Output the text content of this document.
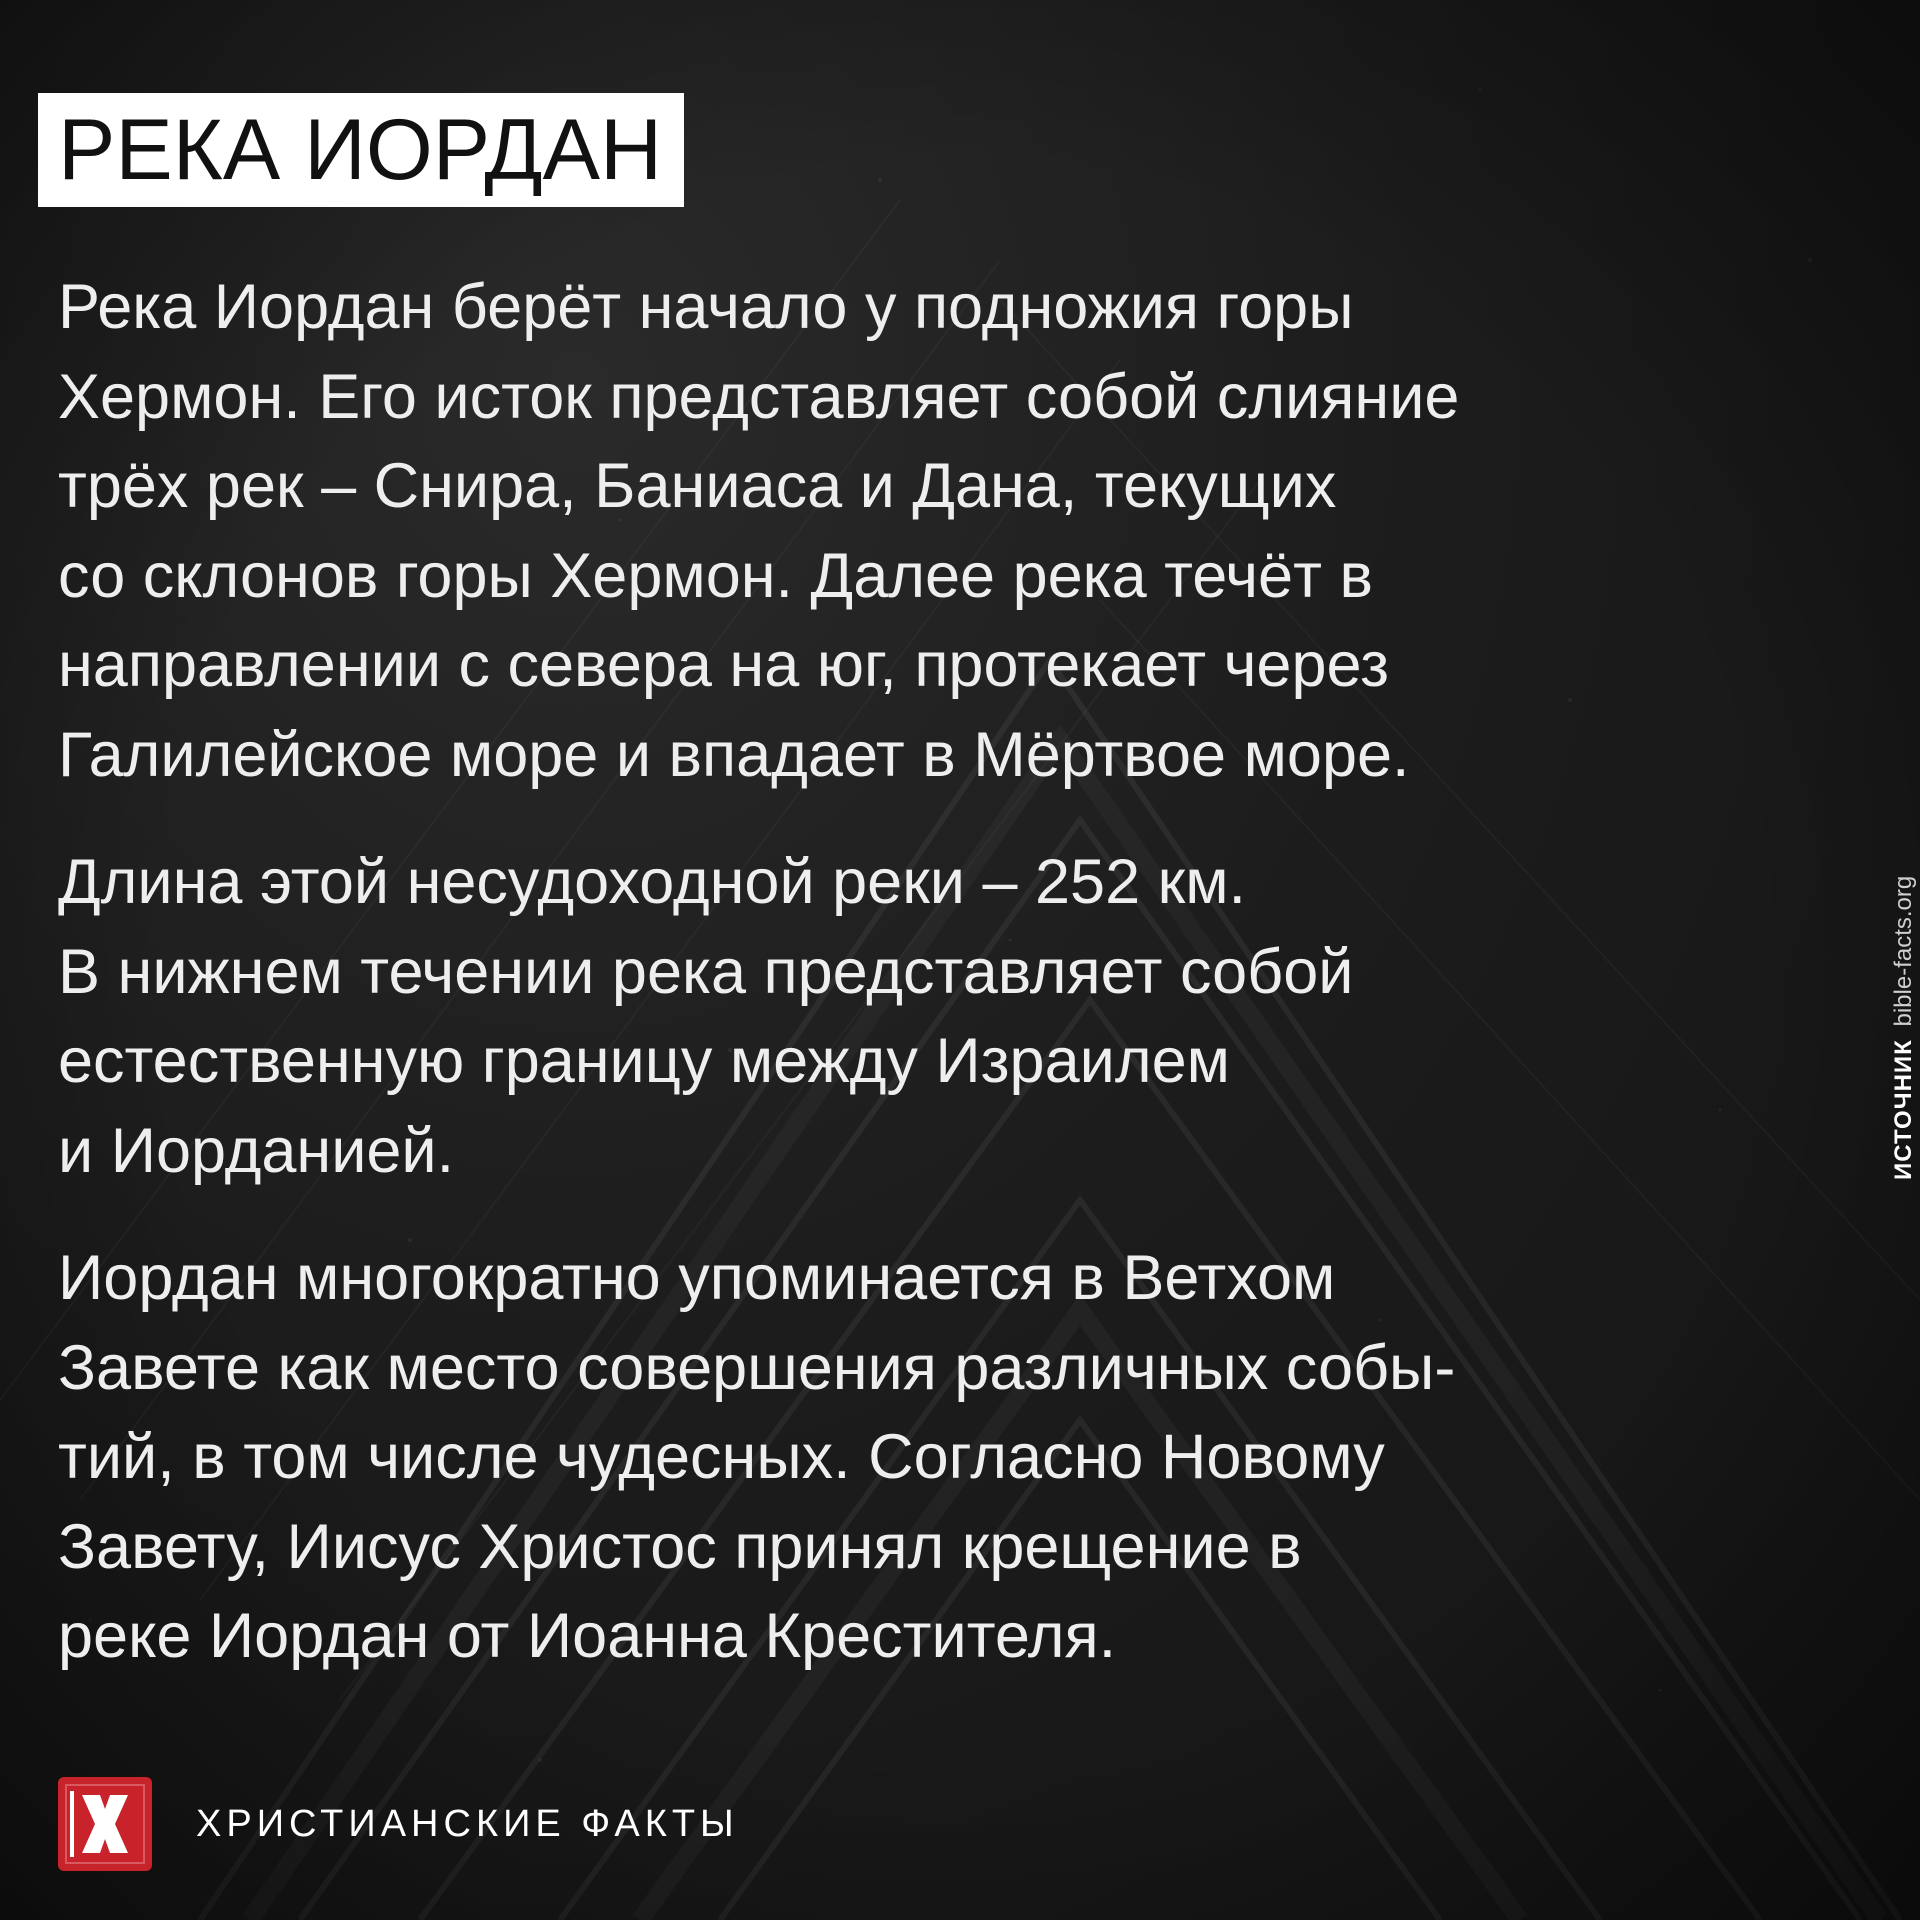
РЕКА ИОРДАН
Река Иордан берёт начало у подножия горы
Хермон. Его исток представляет собой слияние
трёх рек – Снира, Баниаса и Дана, текущих
со склонов горы Хермон. Далее река течёт в
направлении с севера на юг, протекает через
Галилейское море и впадает в Мёртвое море.
Длина этой несудоходной реки – 252 км.
В нижнем течении река представляет собой
естественную границу между Израилем
и Иорданией.
Иордан многократно упоминается в Ветхом
Завете как место совершения различных собы-
тий, в том числе чудесных. Согласно Новому
Завету, Иисус Христос принял крещение в
реке Иордан от Иоанна Крестителя.
ИСТОЧНИК bible-facts.org
ХРИСТИАНСКИЕ ФАКТЫ
